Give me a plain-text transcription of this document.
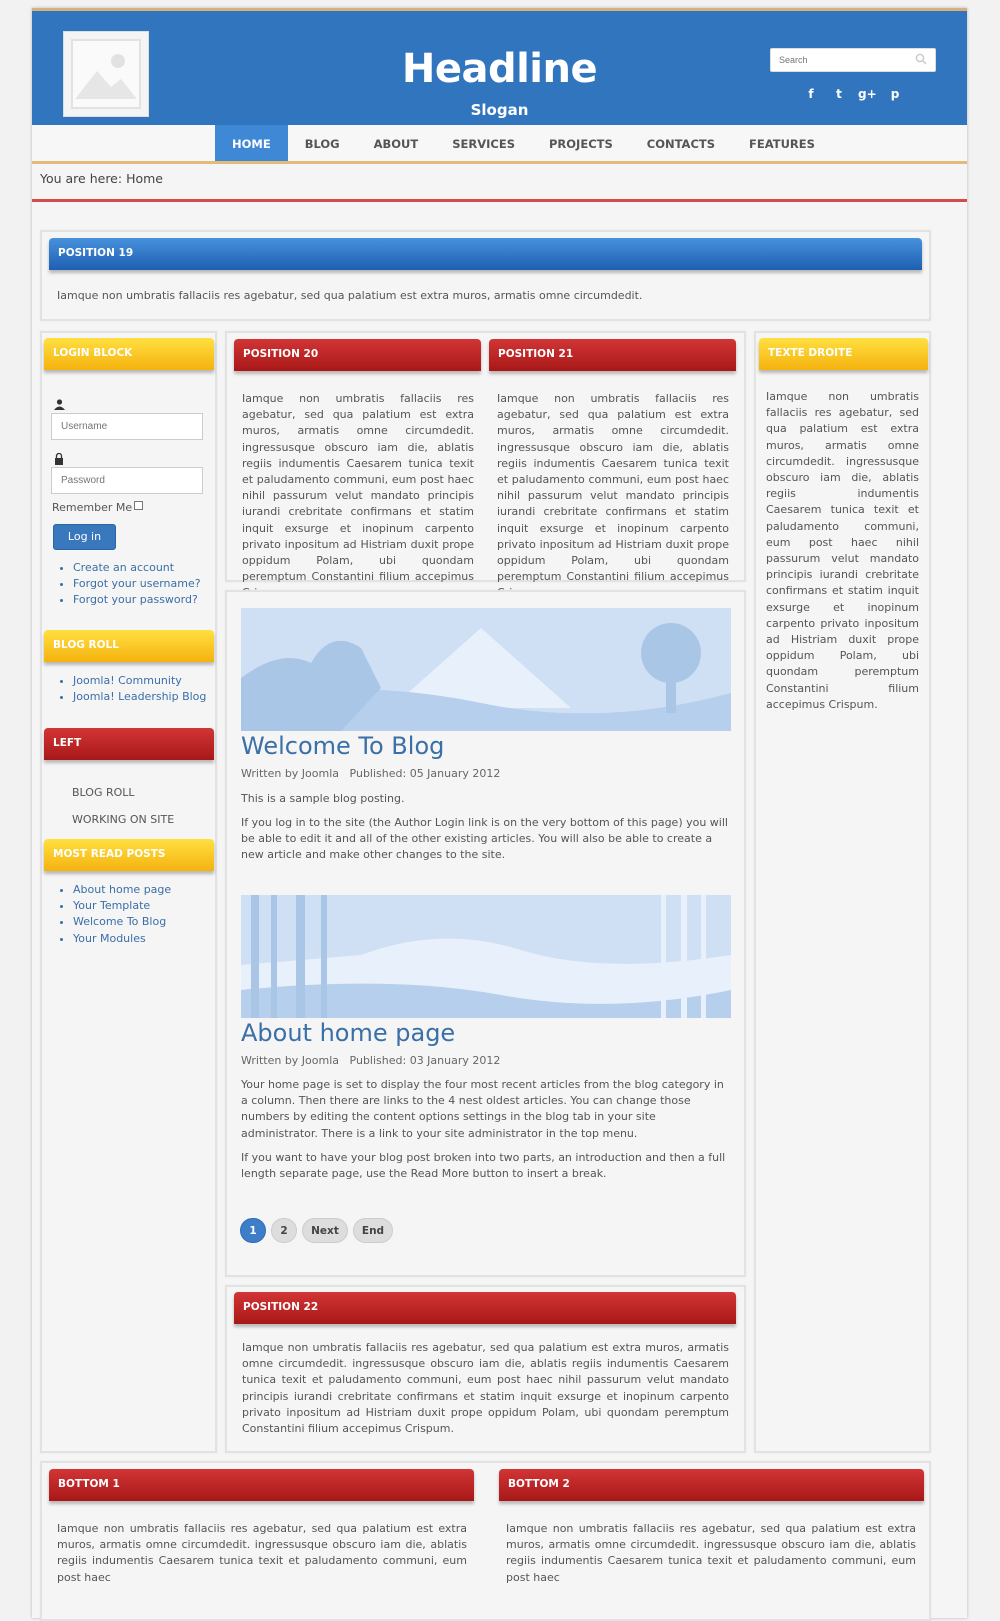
Headline
Slogan
Search
f	t	g+	p
HOME	BLOG	ABOUT	SERVICES	PROJECTS	CONTACTS	FEATURES
You are here: Home
POSITION 19
Iamque non umbratis fallaciis res agebatur, sed qua palatium est extra muros, armatis omne circumdedit.
LOGIN BLOCK
Username
Password
Remember Me
Log in
• Create an account
• Forgot your username?
• Forgot your password?
BLOG ROLL
• Joomla! Community
• Joomla! Leadership Blog
LEFT
BLOG ROLL
WORKING ON SITE
MOST READ POSTS
• About home page
• Your Template
• Welcome To Blog
• Your Modules
POSITION 20
Iamque non umbratis fallaciis res agebatur, sed qua palatium est extra muros, armatis omne circumdedit. ingressusque obscuro iam die, ablatis regiis indumentis Caesarem tunica texit et paludamento communi, eum post haec nihil passurum velut mandato principis iurandi crebritate confirmans et statim inquit exsurge et inopinum carpento privato inpositum ad Histriam duxit prope oppidum Polam, ubi quondam peremptum Constantini filium accepimus
POSITION 21
Iamque non umbratis fallaciis res agebatur, sed qua palatium est extra muros, armatis omne circumdedit. ingressusque obscuro iam die, ablatis regiis indumentis Caesarem tunica texit et paludamento communi, eum post haec nihil passurum velut mandato principis iurandi crebritate confirmans et statim inquit exsurge et inopinum carpento privato inpositum ad Histriam duxit prope oppidum Polam, ubi quondam peremptum Constantini filium accepimus
Welcome To Blog
Written by Joomla Published: 05 January 2012
This is a sample blog posting.
If you log in to the site (the Author Login link is on the very bottom of this page) you will be able to edit it and all of the other existing articles. You will also be able to create a new article and make other changes to the site.
About home page
Written by Joomla Published: 03 January 2012
Your home page is set to display the four most recent articles from the blog category in a column. Then there are links to the 4 nest oldest articles. You can change those numbers by editing the content options settings in the blog tab in your site administrator. There is a link to your site administrator in the top menu.
If you want to have your blog post broken into two parts, an introduction and then a full length separate page, use the Read More button to insert a break.
1	2	Next	End
POSITION 22
Iamque non umbratis fallaciis res agebatur, sed qua palatium est extra muros, armatis omne circumdedit. ingressusque obscuro iam die, ablatis regiis indumentis Caesarem tunica texit et paludamento communi, eum post haec nihil passurum velut mandato principis iurandi crebritate confirmans et statim inquit exsurge et inopinum carpento privato inpositum ad Histriam duxit prope oppidum Polam, ubi quondam peremptum Constantini filium accepimus Crispum.
TEXTE DROITE
Iamque non umbratis fallaciis res agebatur, sed qua palatium est extra muros, armatis omne circumdedit. ingressusque obscuro iam die, ablatis regiis indumentis Caesarem tunica texit et paludamento communi, eum post haec nihil passurum velut mandato principis iurandi crebritate confirmans et statim inquit exsurge et inopinum carpento privato inpositum ad Histriam duxit prope oppidum Polam, ubi quondam peremptum Constantini filium accepimus Crispum.
BOTTOM 1
Iamque non umbratis fallaciis res agebatur, sed qua palatium est extra muros, armatis omne circumdedit. ingressusque obscuro iam die, ablatis regiis indumentis Caesarem tunica texit et paludamento communi, eum post haec
BOTTOM 2
Iamque non umbratis fallaciis res agebatur, sed qua palatium est extra muros, armatis omne circumdedit. ingressusque obscuro iam die, ablatis regiis indumentis Caesarem tunica texit et paludamento communi, eum post haec
